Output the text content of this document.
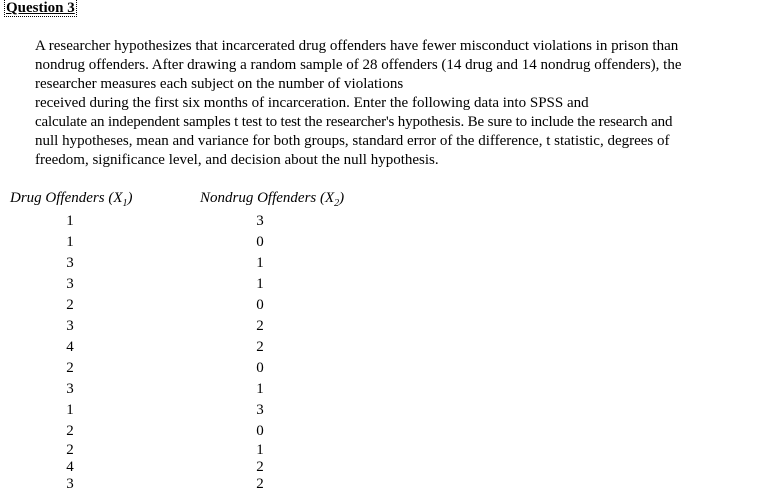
Question 3
A researcher hypothesizes that incarcerated drug offenders have fewer misconduct violations in prison than
nondrug offenders. After drawing a random sample of 28 offenders (14 drug and 14 nondrug offenders), the
researcher measures each subject on the number of violations
received during the first six months of incarceration. Enter the following data into SPSS and
calculate an independent samples t test to test the researcher's hypothesis. Be sure to include the research and
null hypotheses, mean and variance for both groups, standard error of the difference, t statistic, degrees of
freedom, significance level, and decision about the null hypothesis.
Drug Offenders $(X_1)$	Nondrug Offenders $(X_2)$
1
1
3
3
2
3
4
2
3
1
2
2
4
3
3
0
1
1
0
2
2
0
1
3
0
1
2
2
